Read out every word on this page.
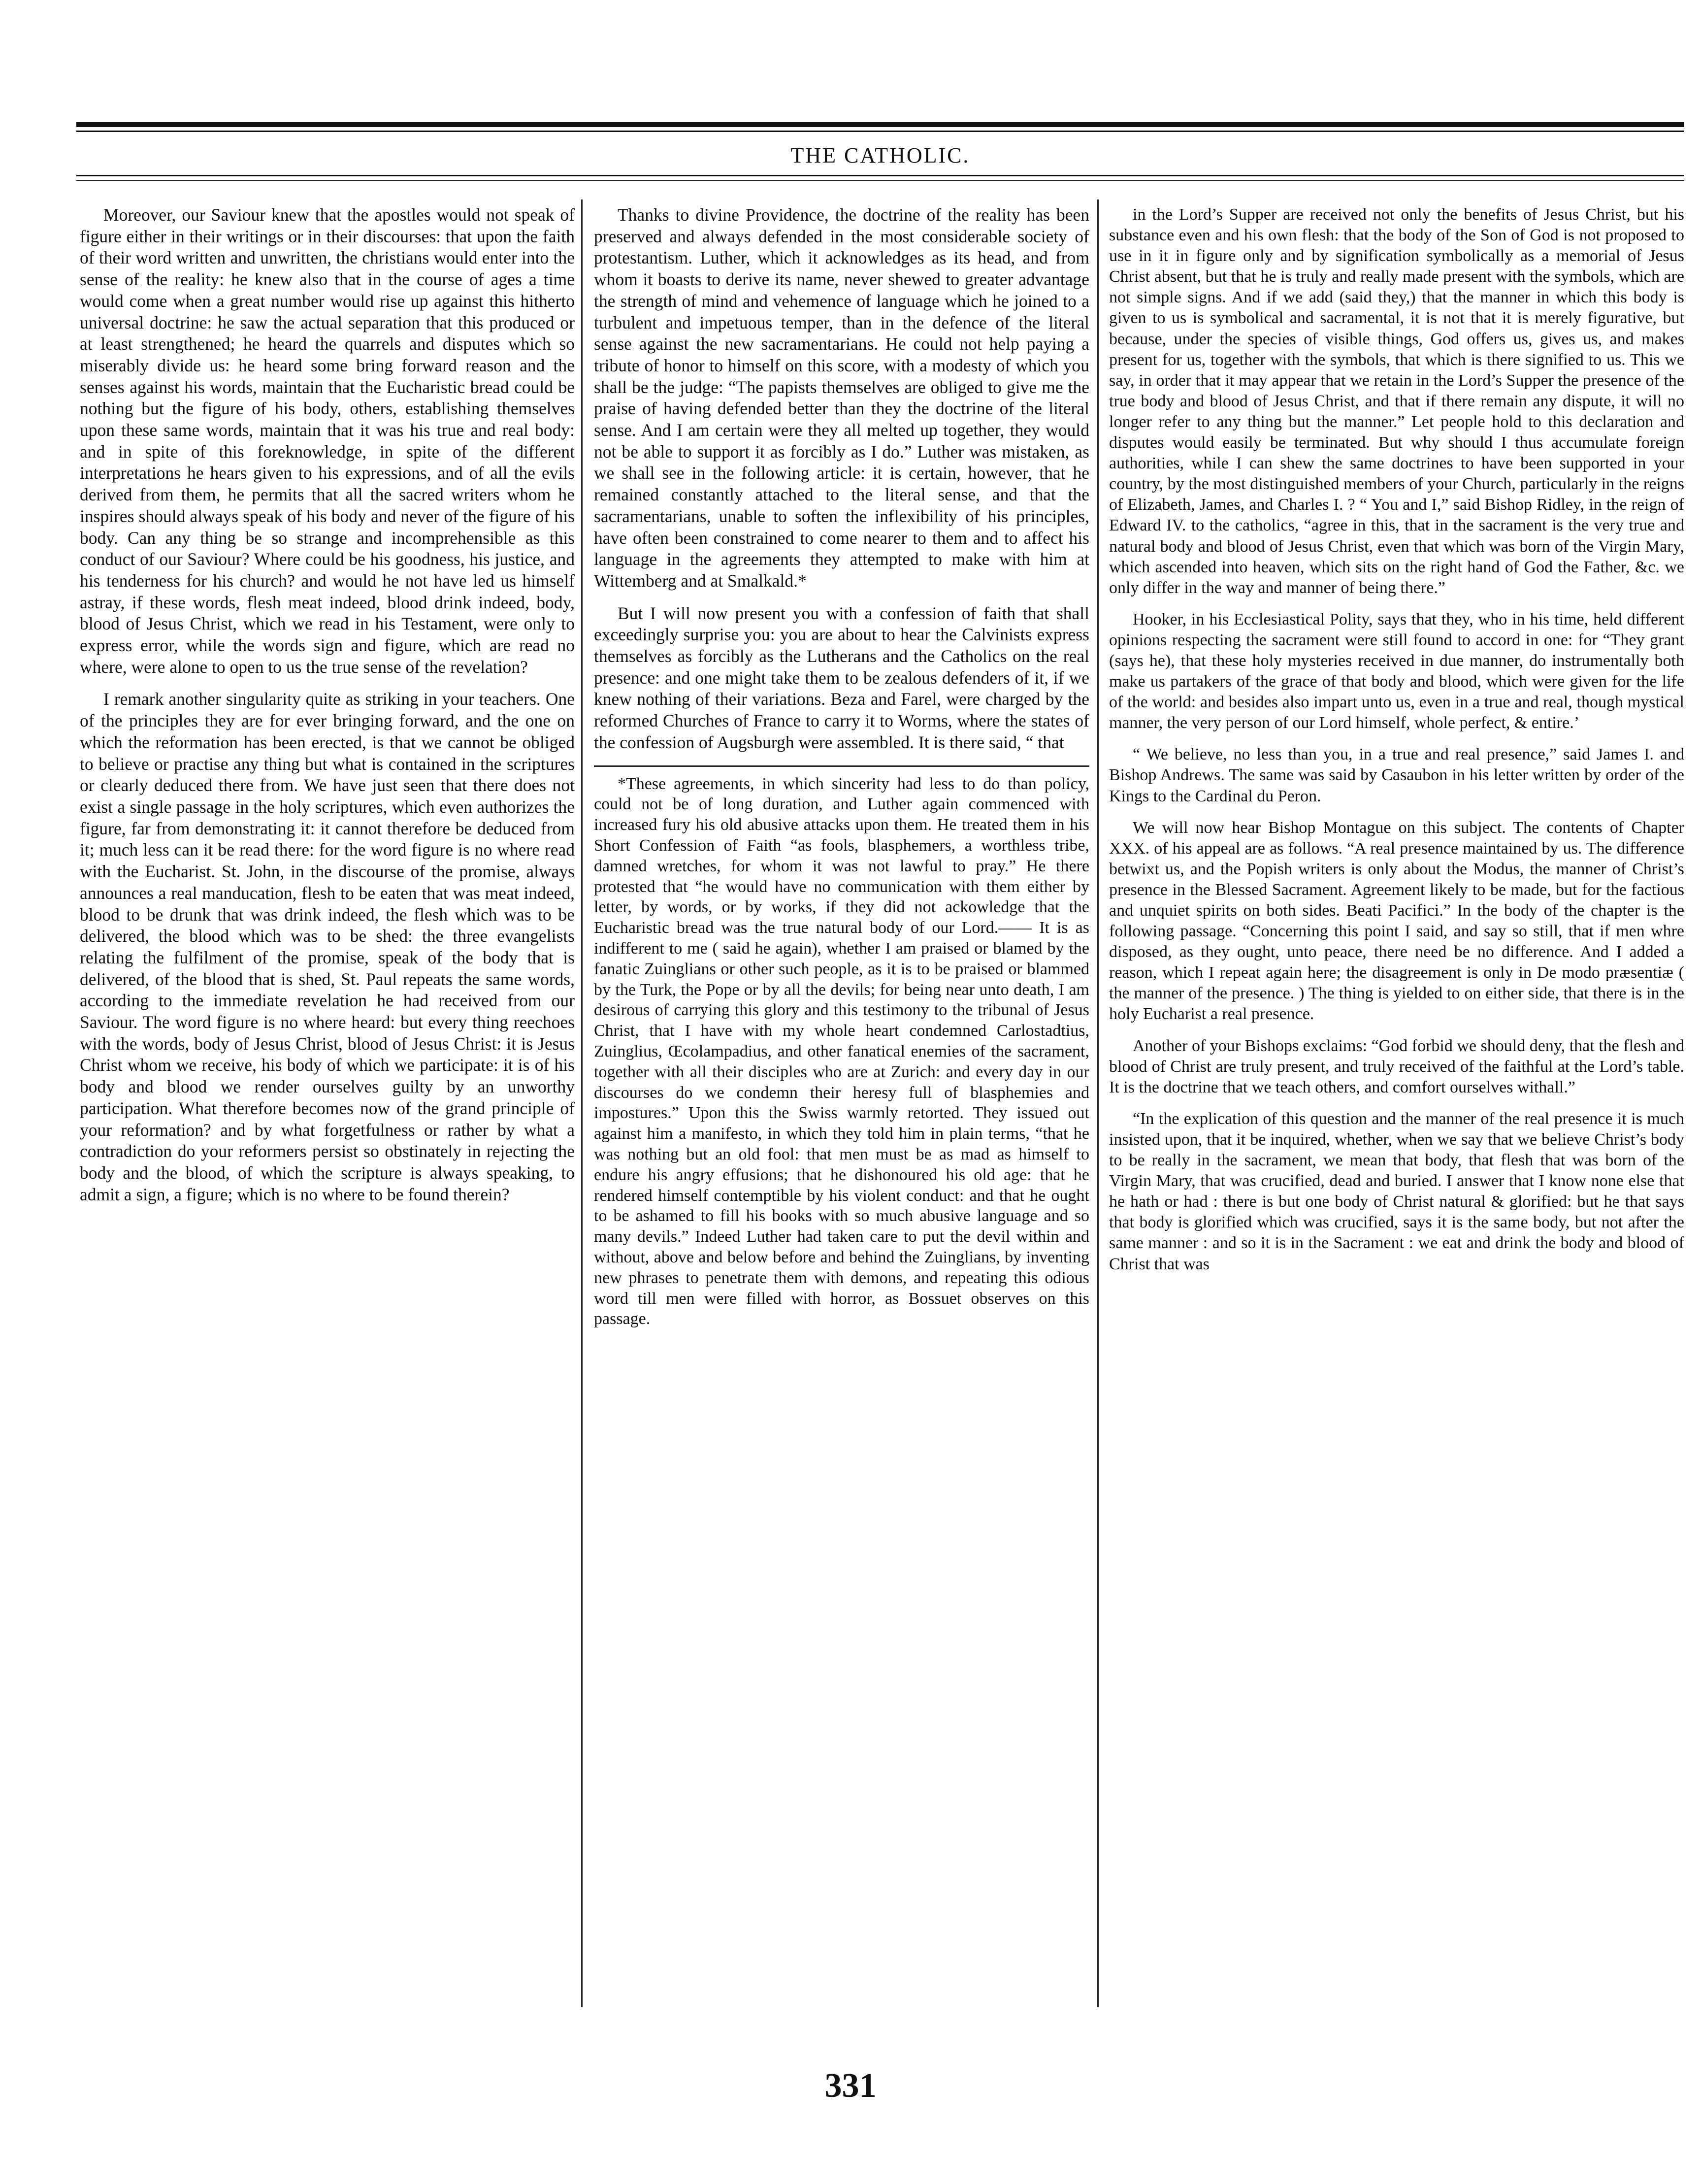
THE CATHOLIC.

Moreover, our Saviour knew that the apostles would not speak of figure either in their writings or in their discourses: that upon the faith of their word written and unwritten, the christians would enter into the sense of the reality: he knew also that in the course of ages a time would come when a great number would rise up against this hitherto universal doctrine: he saw the actual separation that this produced or at least strengthened; he heard the quarrels and disputes which so miserably divide us: he heard some bring forward reason and the senses against his words, maintain that the Eucharistic bread could be nothing but the figure of his body, others, establishing themselves upon these same words, maintain that it was his true and real body: and in spite of this foreknowledge, in spite of the different interpretations he hears given to his expressions, and of all the evils derived from them, he permits that all the sacred writers whom he inspires should always speak of his body and never of the figure of his body. Can any thing be so strange and incomprehensible as this conduct of our Saviour? Where could be his goodness, his justice, and his tenderness for his church? and would he not have led us himself astray, if these words, flesh meat indeed, blood drink indeed, body, blood of Jesus Christ, which we read in his Testament, were only to express error, while the words sign and figure, which are read no where, were alone to open to us the true sense of the revelation?

I remark another singularity quite as striking in your teachers. One of the principles they are for ever bringing forward, and the one on which the reformation has been erected, is that we cannot be obliged to believe or practise any thing but what is contained in the scriptures or clearly deduced there from. We have just seen that there does not exist a single passage in the holy scriptures, which even authorizes the figure, far from demonstrating it: it cannot therefore be deduced from it; much less can it be read there: for the word figure is no where read with the Eucharist. St. John, in the discourse of the promise, always announces a real manducation, flesh to be eaten that was meat indeed, blood to be drunk that was drink indeed, the flesh which was to be delivered, the blood which was to be shed: the three evangelists relating the fulfilment of the promise, speak of the body that is delivered, of the blood that is shed, St. Paul repeats the same words, according to the immediate revelation he had received from our Saviour. The word figure is no where heard: but every thing reechoes with the words, body of Jesus Christ, blood of Jesus Christ: it is Jesus Christ whom we receive, his body of which we participate: it is of his body and blood we render ourselves guilty by an unworthy participation. What therefore becomes now of the grand principle of your reformation? and by what forgetfulness or rather by what a contradiction do your reformers persist so obstinately in rejecting the body and the blood, of which the scripture is always speaking, to admit a sign, a figure; which is no where to be found therein?

Thanks to divine Providence, the doctrine of the reality has been preserved and always defended in the most considerable society of protestantism. Luther, which it acknowledges as its head, and from whom it boasts to derive its name, never shewed to greater advantage the strength of mind and vehemence of language which he joined to a turbulent and impetuous temper, than in the defence of the literal sense against the new sacramentarians. He could not help paying a tribute of honor to himself on this score, with a modesty of which you shall be the judge: “The papists themselves are obliged to give me the praise of having defended better than they the doctrine of the literal sense. And I am certain were they all melted up together, they would not be able to support it as forcibly as I do.” Luther was mistaken, as we shall see in the following article: it is certain, however, that he remained constantly attached to the literal sense, and that the sacramentarians, unable to soften the inflexibility of his principles, have often been constrained to come nearer to them and to affect his language in the agreements they attempted to make with him at Wittemberg and at Smalkald.*

But I will now present you with a confession of faith that shall exceedingly surprise you: you are about to hear the Calvinists express themselves as forcibly as the Lutherans and the Catholics on the real presence: and one might take them to be zealous defenders of it, if we knew nothing of their variations. Beza and Farel, were charged by the reformed Churches of France to carry it to Worms, where the states of the confession of Augsburgh were assembled. It is there said, “ that

*These agreements, in which sincerity had less to do than policy, could not be of long duration, and Luther again commenced with increased fury his old abusive attacks upon them. He treated them in his Short Confession of Faith “as fools, blasphemers, a worthless tribe, damned wretches, for whom it was not lawful to pray.” He there protested that “he would have no communication with them either by letter, by words, or by works, if they did not ackowledge that the Eucharistic bread was the true natural body of our Lord.—— It is as indifferent to me ( said he again), whether I am praised or blamed by the fanatic Zuinglians or other such people, as it is to be praised or blammed by the Turk, the Pope or by all the devils; for being near unto death, I am desirous of carrying this glory and this testimony to the tribunal of Jesus Christ, that I have with my whole heart condemned Carlostadtius, Zuinglius, Œcolampadius, and other fanatical enemies of the sacrament, together with all their disciples who are at Zurich: and every day in our discourses do we condemn their heresy full of blasphemies and impostures.” Upon this the Swiss warmly retorted. They issued out against him a manifesto, in which they told him in plain terms, “that he was nothing but an old fool: that men must be as mad as himself to endure his angry effusions; that he dishonoured his old age: that he rendered himself contemptible by his violent conduct: and that he ought to be ashamed to fill his books with so much abusive language and so many devils.” Indeed Luther had taken care to put the devil within and without, above and below before and behind the Zuinglians, by inventing new phrases to penetrate them with demons, and repeating this odious word till men were filled with horror, as Bossuet observes on this passage.

in the Lord’s Supper are received not only the benefits of Jesus Christ, but his substance even and his own flesh: that the body of the Son of God is not proposed to use in it in figure only and by signification symbolically as a memorial of Jesus Christ absent, but that he is truly and really made present with the symbols, which are not simple signs. And if we add (said they,) that the manner in which this body is given to us is symbolical and sacramental, it is not that it is merely figurative, but because, under the species of visible things, God offers us, gives us, and makes present for us, together with the symbols, that which is there signified to us. This we say, in order that it may appear that we retain in the Lord’s Supper the presence of the true body and blood of Jesus Christ, and that if there remain any dispute, it will no longer refer to any thing but the manner.” Let people hold to this declaration and disputes would easily be terminated. But why should I thus accumulate foreign authorities, while I can shew the same doctrines to have been supported in your country, by the most distinguished members of your Church, particularly in the reigns of Elizabeth, James, and Charles I. ? “ You and I,” said Bishop Ridley, in the reign of Edward IV. to the catholics, “agree in this, that in the sacrament is the very true and natural body and blood of Jesus Christ, even that which was born of the Virgin Mary, which ascended into heaven, which sits on the right hand of God the Father, &c. we only differ in the way and manner of being there.”

Hooker, in his Ecclesiastical Polity, says that they, who in his time, held different opinions respecting the sacrament were still found to accord in one: for “They grant (says he), that these holy mysteries received in due manner, do instrumentally both make us partakers of the grace of that body and blood, which were given for the life of the world: and besides also impart unto us, even in a true and real, though mystical manner, the very person of our Lord himself, whole perfect, & entire.’

“ We believe, no less than you, in a true and real presence,” said James I. and Bishop Andrews. The same was said by Casaubon in his letter written by order of the Kings to the Cardinal du Peron.

We will now hear Bishop Montague on this subject. The contents of Chapter XXX. of his appeal are as follows. “A real presence maintained by us. The difference betwixt us, and the Popish writers is only about the Modus, the manner of Christ’s presence in the Blessed Sacrament. Agreement likely to be made, but for the factious and unquiet spirits on both sides. Beati Pacifici.” In the body of the chapter is the following passage. “Concerning this point I said, and say so still, that if men whre disposed, as they ought, unto peace, there need be no difference. And I added a reason, which I repeat again here; the disagreement is only in De modo præsentiæ ( the manner of the presence. ) The thing is yielded to on either side, that there is in the holy Eucharist a real presence.

Another of your Bishops exclaims: “God forbid we should deny, that the flesh and blood of Christ are truly present, and truly received of the faithful at the Lord’s table. It is the doctrine that we teach others, and comfort ourselves withall.”

“In the explication of this question and the manner of the real presence it is much insisted upon, that it be inquired, whether, when we say that we believe Christ’s body to be really in the sacrament, we mean that body, that flesh that was born of the Virgin Mary, that was crucified, dead and buried. I answer that I know none else that he hath or had : there is but one body of Christ natural & glorified: but he that says that body is glorified which was crucified, says it is the same body, but not after the same manner : and so it is in the Sacrament : we eat and drink the body and blood of Christ that was

331
